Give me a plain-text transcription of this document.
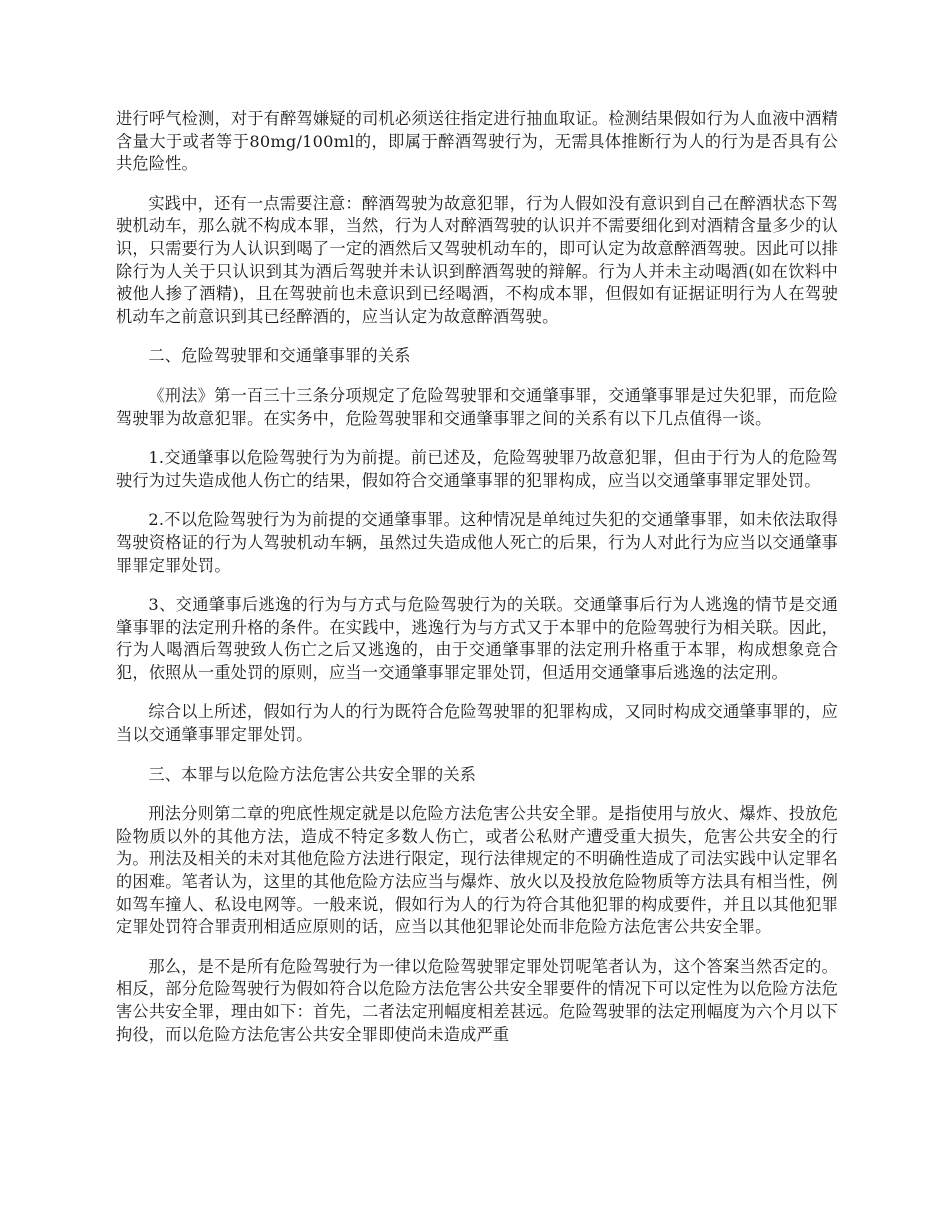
进行呼气检测，对于有醉驾嫌疑的司机必须送往指定进行抽血取证。检测结果假如行为人血液中酒精含量大于或者等于80mg/100ml的，即属于醉酒驾驶行为，无需具体推断行为人的行为是否具有公共危险性。

实践中，还有一点需要注意：醉酒驾驶为故意犯罪，行为人假如没有意识到自己在醉酒状态下驾驶机动车，那么就不构成本罪，当然，行为人对醉酒驾驶的认识并不需要细化到对酒精含量多少的认识，只需要行为人认识到喝了一定的酒然后又驾驶机动车的，即可认定为故意醉酒驾驶。因此可以排除行为人关于只认识到其为酒后驾驶并未认识到醉酒驾驶的辩解。行为人并未主动喝酒(如在饮料中被他人掺了酒精)，且在驾驶前也未意识到已经喝酒，不构成本罪，但假如有证据证明行为人在驾驶机动车之前意识到其已经醉酒的，应当认定为故意醉酒驾驶。

二、危险驾驶罪和交通肇事罪的关系

《刑法》第一百三十三条分项规定了危险驾驶罪和交通肇事罪，交通肇事罪是过失犯罪，而危险驾驶罪为故意犯罪。在实务中，危险驾驶罪和交通肇事罪之间的关系有以下几点值得一谈。

1.交通肇事以危险驾驶行为为前提。前已述及，危险驾驶罪乃故意犯罪，但由于行为人的危险驾驶行为过失造成他人伤亡的结果，假如符合交通肇事罪的犯罪构成，应当以交通肇事罪定罪处罚。

2.不以危险驾驶行为为前提的交通肇事罪。这种情况是单纯过失犯的交通肇事罪，如未依法取得驾驶资格证的行为人驾驶机动车辆，虽然过失造成他人死亡的后果，行为人对此行为应当以交通肇事罪罪定罪处罚。

3、交通肇事后逃逸的行为与方式与危险驾驶行为的关联。交通肇事后行为人逃逸的情节是交通肇事罪的法定刑升格的条件。在实践中，逃逸行为与方式又于本罪中的危险驾驶行为相关联。因此，行为人喝酒后驾驶致人伤亡之后又逃逸的，由于交通肇事罪的法定刑升格重于本罪，构成想象竞合犯，依照从一重处罚的原则，应当一交通肇事罪定罪处罚，但适用交通肇事后逃逸的法定刑。

综合以上所述，假如行为人的行为既符合危险驾驶罪的犯罪构成，又同时构成交通肇事罪的，应当以交通肇事罪定罪处罚。

三、本罪与以危险方法危害公共安全罪的关系

刑法分则第二章的兜底性规定就是以危险方法危害公共安全罪。是指使用与放火、爆炸、投放危险物质以外的其他方法，造成不特定多数人伤亡，或者公私财产遭受重大损失，危害公共安全的行为。刑法及相关的未对其他危险方法进行限定，现行法律规定的不明确性造成了司法实践中认定罪名的困难。笔者认为，这里的其他危险方法应当与爆炸、放火以及投放危险物质等方法具有相当性，例如驾车撞人、私设电网等。一般来说，假如行为人的行为符合其他犯罪的构成要件，并且以其他犯罪定罪处罚符合罪责刑相适应原则的话，应当以其他犯罪论处而非危险方法危害公共安全罪。

那么，是不是所有危险驾驶行为一律以危险驾驶罪定罪处罚呢笔者认为，这个答案当然否定的。相反，部分危险驾驶行为假如符合以危险方法危害公共安全罪要件的情况下可以定性为以危险方法危害公共安全罪，理由如下：首先，二者法定刑幅度相差甚远。危险驾驶罪的法定刑幅度为六个月以下拘役，而以危险方法危害公共安全罪即使尚未造成严重
